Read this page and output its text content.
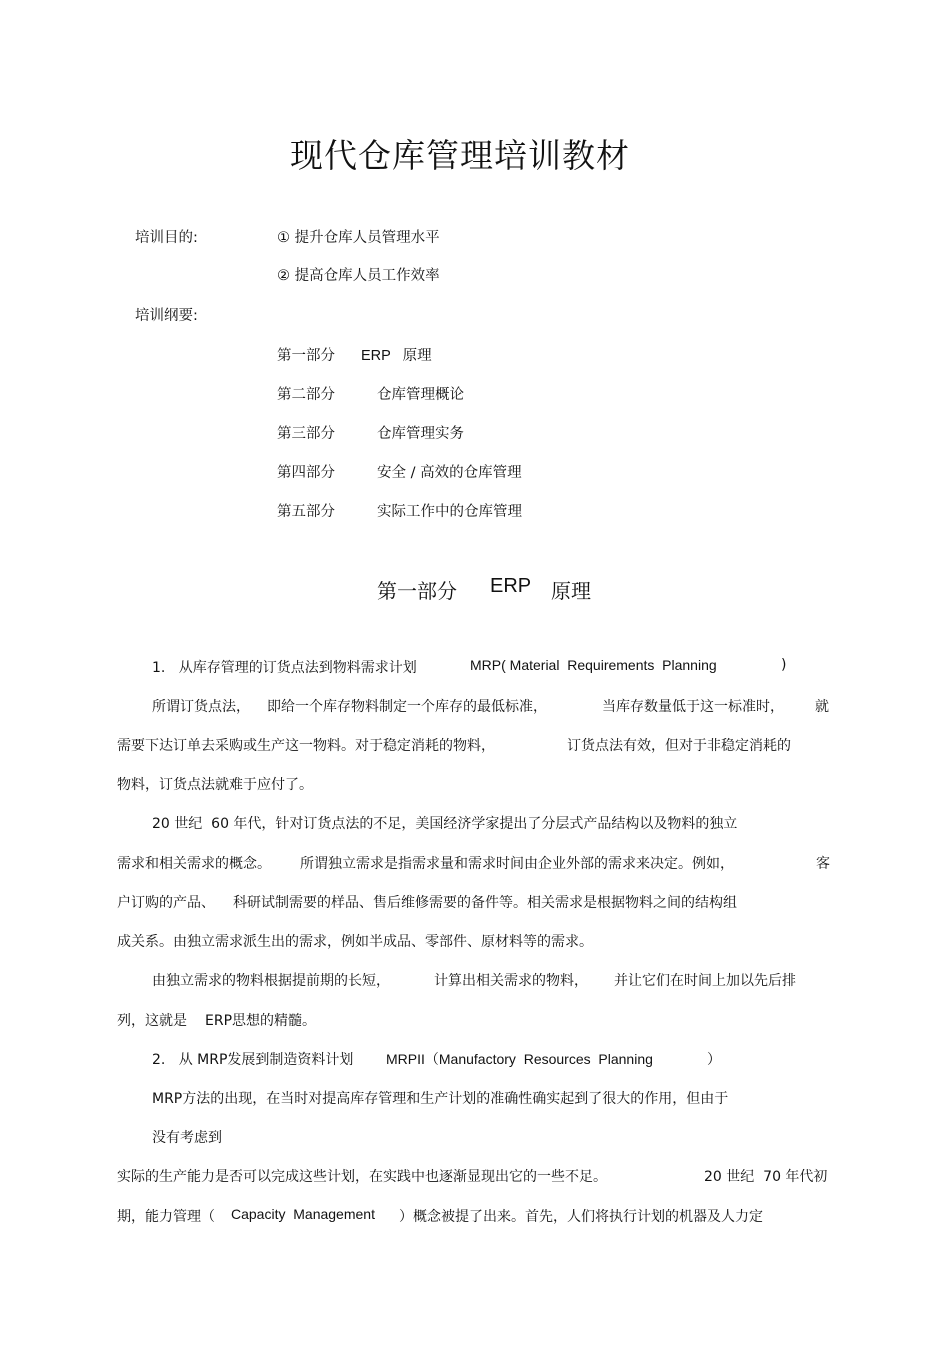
现代仓库管理培训教材
培训目的:	① 提升仓库人员管理水平
② 提高仓库人员工作效率
培训纲要:
第一部分 ERP   原理
第二部分	仓库管理概论
第三部分	仓库管理实务
第四部分	安全 / 高效的仓库管理
第五部分	实际工作中的仓库管理
第一部分 ERP 原理
1.   从库存管理的订货点法到物料需求计划	MRP( Material  Requirements  Planning	)
所谓订货点法， 即给一个库存物料制定一个库存的最低标准，	当库存数量低于这一标准时， 就
需要下达订单去采购或生产这一物料。对于稳定消耗的物料，	订货点法有效，但对于非稳定消耗的
物料，订货点法就难于应付了。
20 世纪  60 年代，针对订货点法的不足，美国经济学家提出了分层式产品结构以及物料的独立
需求和相关需求的概念。 所谓独立需求是指需求量和需求时间由企业外部的需求来决定。例如，	客
户订购的产品、 科研试制需要的样品、售后维修需要的备件等。相关需求是根据物料之间的结构组
成关系。由独立需求派生出的需求，例如半成品、零部件、原材料等的需求。
由独立需求的物料根据提前期的长短，	计算出相关需求的物料， 并让它们在时间上加以先后排
列，这就是 ERP思想的精髓。
2.   从 MRP发展到制造资料计划 MRPII（Manufactory  Resources  Planning	）
MRP方法的出现，在当时对提高库存管理和生产计划的准确性确实起到了很大的作用，但由于
没有考虑到
实际的生产能力是否可以完成这些计划，在实践中也逐渐显现出它的一些不足。	20 世纪  70 年代初
期，能力管理（ Capacity  Management ）概念被提了出来。首先，人们将执行计划的机器及人力定
